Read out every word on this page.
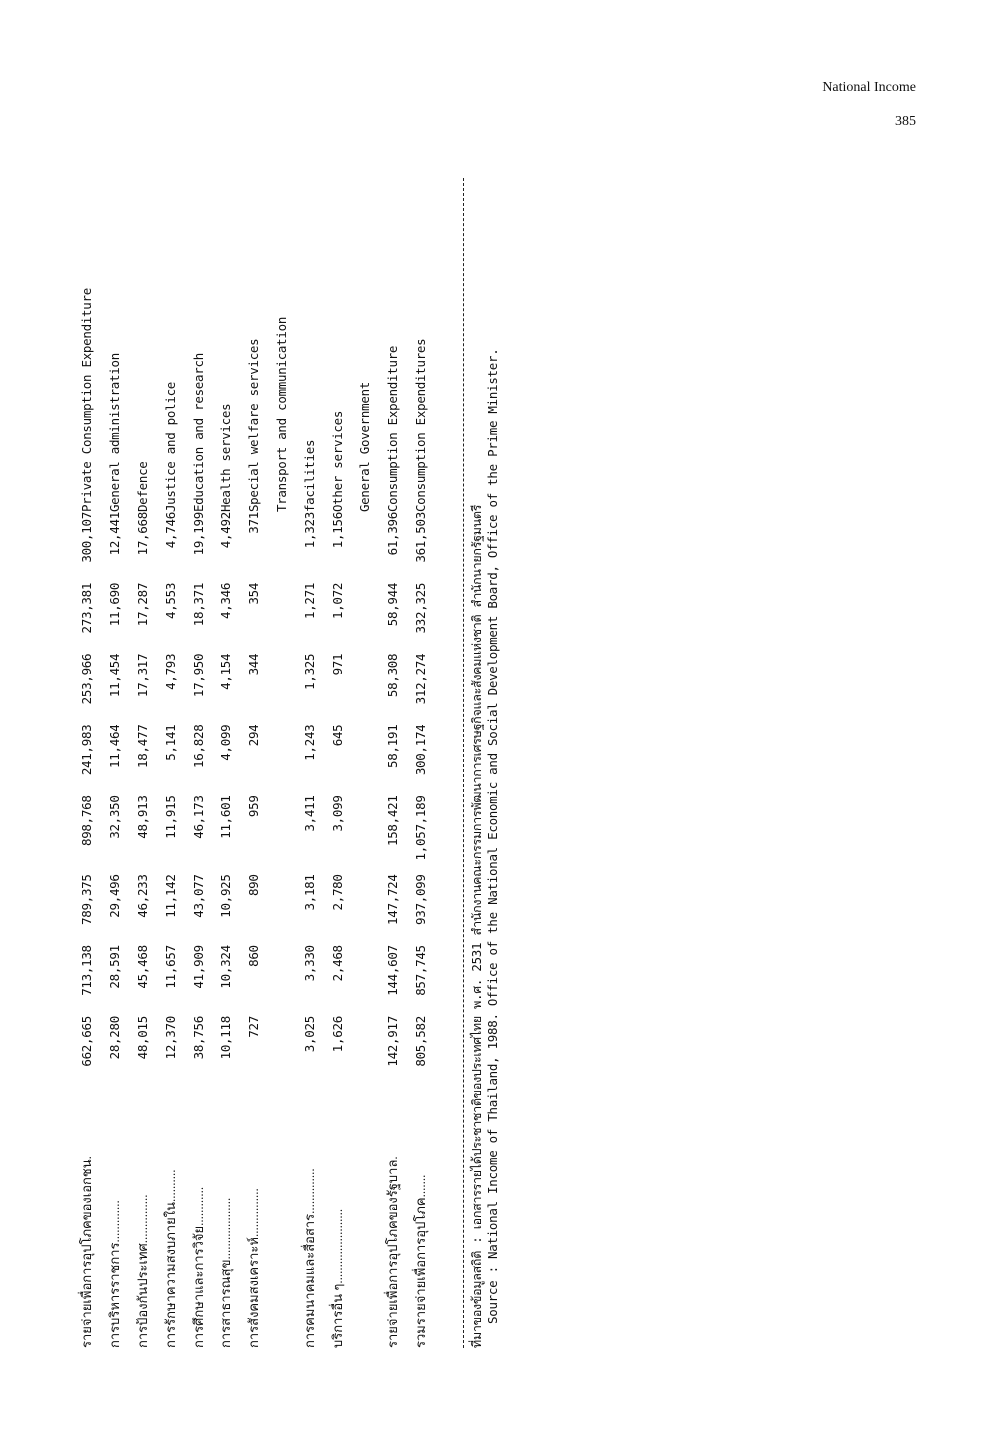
National Income
385
รายจ่ายเพื่อการอุปโภคของเอกชน.	662,665	713,138	789,375	898,768	241,983	253,966	273,381	300,107	Private Consumption Expenditure
การบริหารราชการ.............	28,280	28,591	29,496	32,350	11,464	11,454	11,690	12,441	General administration
การป้องกันประเทศ...............	48,015	45,468	46,233	48,913	18,477	17,317	17,287	17,668	Defence
การรักษาความสงบภายใน..........	12,370	11,657	11,142	11,915	5,141	4,793	4,553	4,746	Justice and police
การศึกษาและการวิจัย............	38,756	41,909	43,077	46,173	16,828	17,950	18,371	19,199	Education and research
การสาธารณสุข...................	10,118	10,324	10,925	11,601	4,099	4,154	4,346	4,492	Health services
การสังคมสงเคราะห์...............	727	860	890	959	294	344	354	371	Special welfare services
									Transport and communication
การคมนาคมและสื่อสาร..............	3,025	3,330	3,181	3,411	1,243	1,325	1,271	1,323	facilities
บริการอื่น ๆ.......................	1,626	2,468	2,780	3,099	645	971	1,072	1,156	Other services
									General Government
รายจ่ายเพื่อการอุปโภคของรัฐบาล.	142,917	144,607	147,724	158,421	58,191	58,308	58,944	61,396	Consumption Expenditure
รวมรายจ่ายเพื่อการอุปโภค.......	805,582	857,745	937,099	1,057,189	300,174	312,274	332,325	361,503	Consumption Expenditures
ที่มาของข้อมูลสถิติ : เอกสารรายได้ประชาชาติของประเทศไทย พ.ศ. 2531 สำนักงานคณะกรรมการพัฒนาการเศรษฐกิจและสังคมแห่งชาติ สำนักนายกรัฐมนตรี Source : National Income of Thailand, 1988. Office of the National Economic and Social Development Board, Office of the Prime Minister.
